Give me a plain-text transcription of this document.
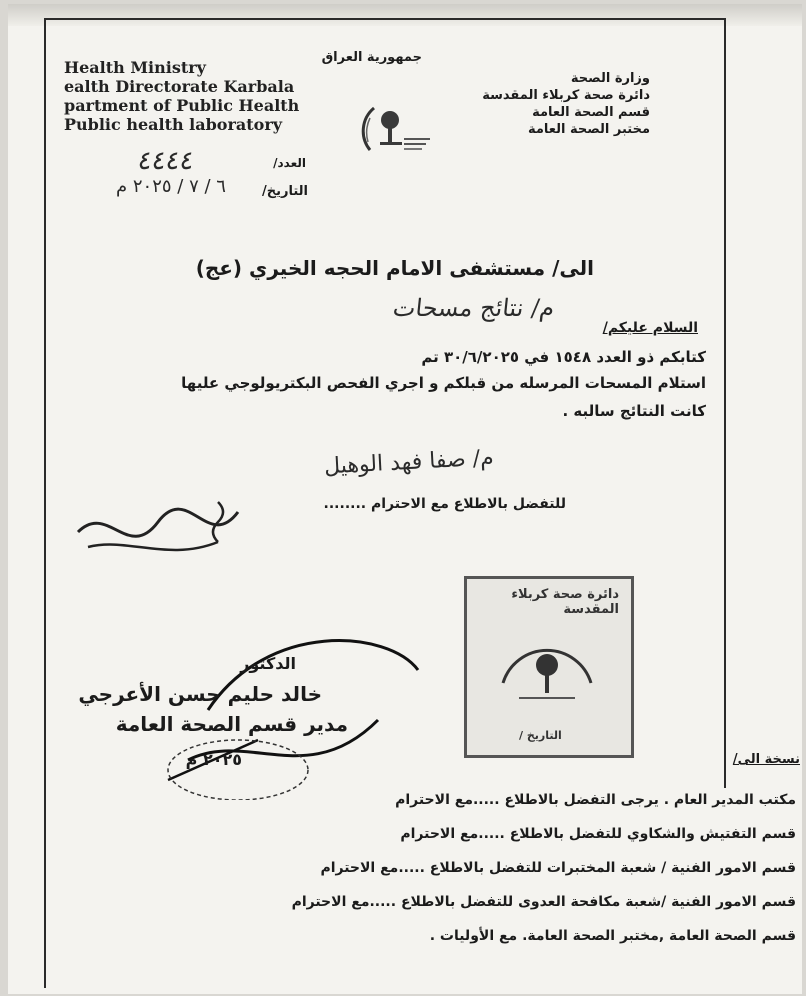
Health Ministry
ealth Directorate Karbala
partment of Public Health
Public health laboratory
جمهورية العراق
وزارة الصحة
دائرة صحة كربلاء المقدسة
قسم الصحة العامة
مختبر الصحة العامة
العدد/
٤٤٤٤
التاريخ/
٦ / ٧ / ٢٠٢٥ م
الى/ مستشفى الامام الحجه الخيري (عج)
م/ نتائج مسحات
السلام عليكم/
كتابكم ذو العدد ١٥٤٨ في ٣٠/٦/٢٠٢٥ تم
استلام المسحات المرسله من قبلكم و اجري الفحص البكتريولوجي عليها
كانت النتائج سالبه .
م/ صفا فهد الوهيل
للتفضل بالاطلاع مع الاحترام ........
دائرة صحة كربلاء المقدسة
التاريخ /
الدكتور
خالد حليم حسن الأعرجي
مدير قسم الصحة العامة
٢٠٢٥ م	نسخة الى/
مكتب المدير العام . يرجى التفضل بالاطلاع .....مع الاحترام
قسم التفتيش والشكاوي للتفضل بالاطلاع .....مع الاحترام
قسم الامور الفنية / شعبة المختبرات للتفضل بالاطلاع .....مع الاحترام
قسم الامور الفنية /شعبة مكافحة العدوى للتفضل بالاطلاع .....مع الاحترام
قسم الصحة العامة ,مختبر الصحة العامة. مع الأوليات .
